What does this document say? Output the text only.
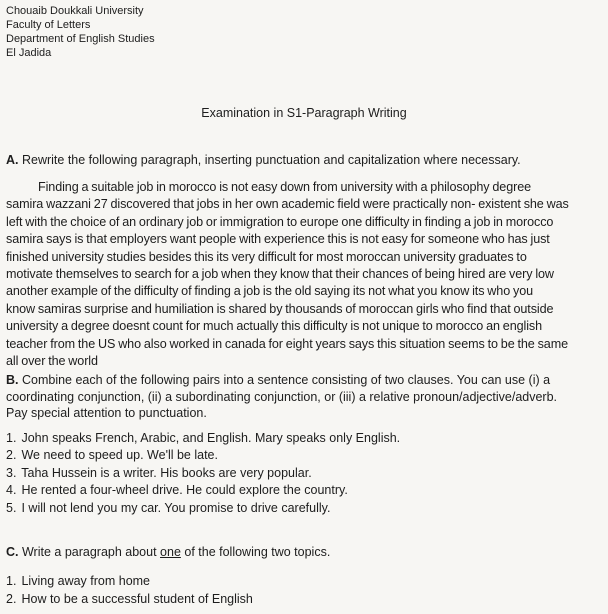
Chouaib Doukkali University
Faculty of Letters
Department of English Studies
El Jadida
Examination in S1-Paragraph Writing
A. Rewrite the following paragraph, inserting punctuation and capitalization where necessary.

Finding a suitable job in morocco is not easy down from university with a philosophy degree

samira wazzani 27 discovered that jobs in her own academic field were practically non- existent she was

left with the choice of an ordinary job or immigration to europe one difficulty in finding a job in morocco

samira says is that employers want people with experience this is not easy for someone who has just

finished university studies besides this its very difficult for most moroccan university graduates to

motivate themselves to search for a job when they know that their chances of being hired are very low

another example of the difficulty of finding a job is the old saying its not what you know its who you

know samiras surprise and humiliation is shared by thousands of moroccan girls who find that outside

university a degree doesnt count for much actually this difficulty is not unique to morocco an english

teacher from the US who also worked in canada for eight years says this situation seems to be the same

all over the world

B. Combine each of the following pairs into a sentence consisting of two clauses. You can use (i) a
coordinating conjunction, (ii) a subordinating conjunction, or (iii) a relative pronoun/adjective/adverb.
Pay special attention to punctuation.
1. John speaks French, Arabic, and English. Mary speaks only English.
2. We need to speed up. We'll be late.
3. Taha Hussein is a writer. His books are very popular.
4. He rented a four-wheel drive. He could explore the country.
5. I will not lend you my car. You promise to drive carefully.
C. Write a paragraph about one of the following two topics.
1. Living away from home
2. How to be a successful student of English
